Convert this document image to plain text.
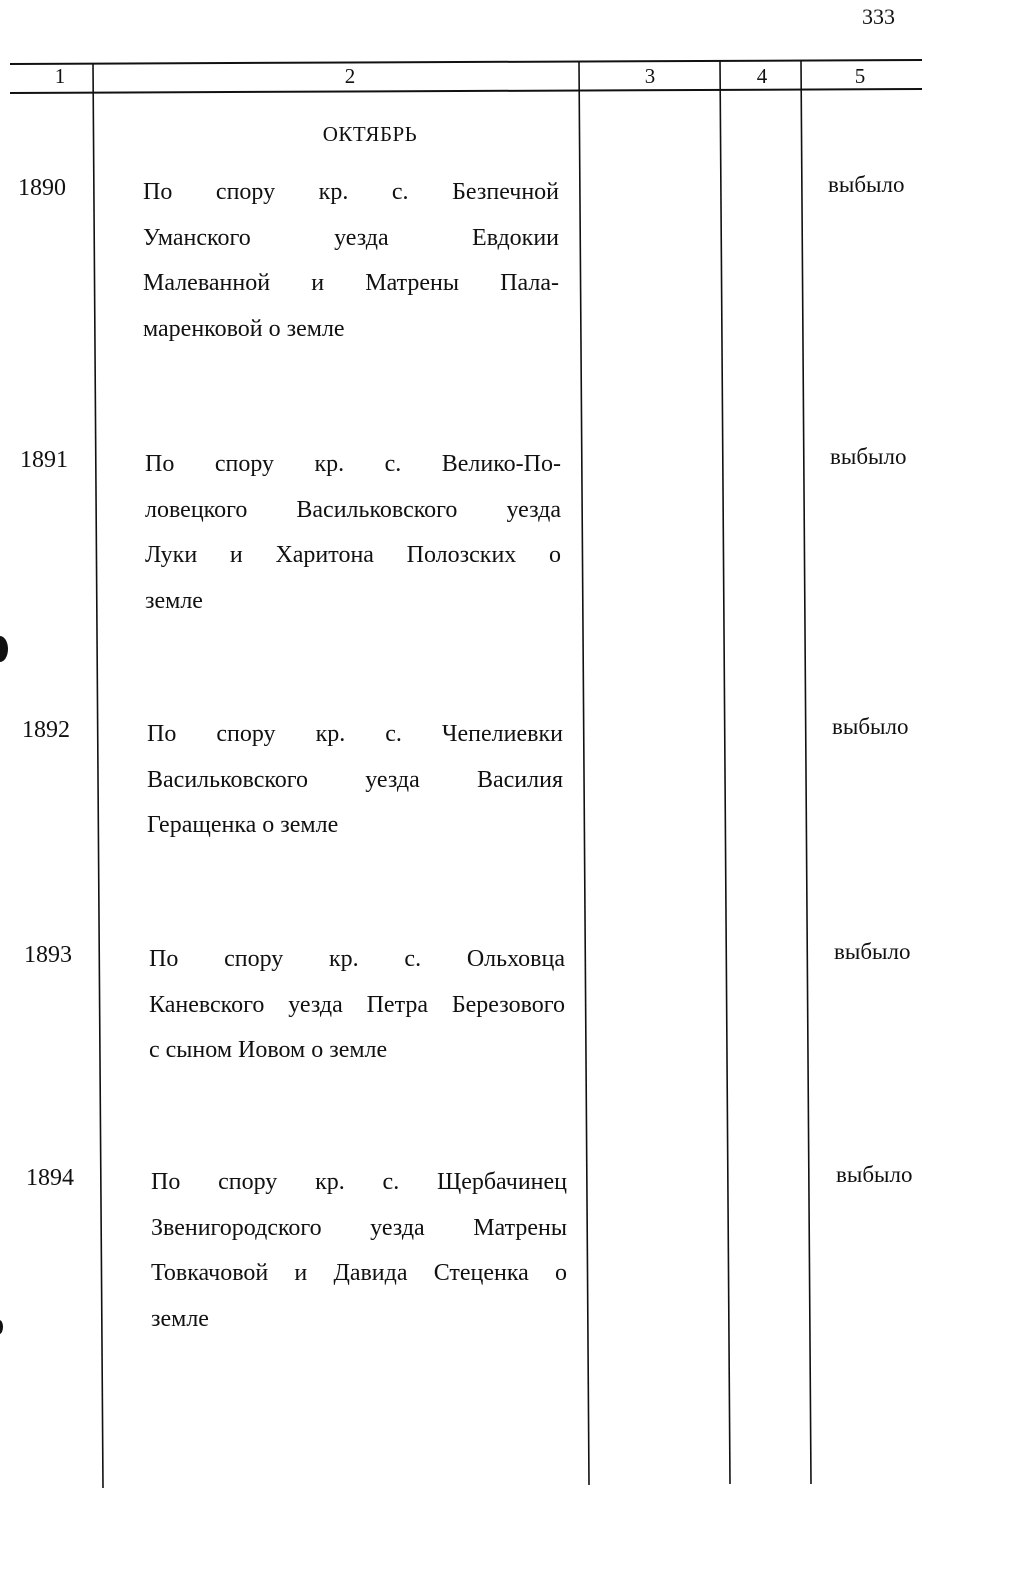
333
1	2	3	4	5
ОКТЯБРЬ
1890	По спору кр. с. Безпечной
Уманского уезда Евдокии
Малеванной и Матрены Пала-
маренковой о земле
выбыло
1891	По спору кр. с. Велико-По-
ловецкого Васильковского уезда
Луки и Харитона Полозских о
земле
выбыло
1892	По спору кр. с. Чепелиевки
Васильковского уезда Василия
Геращенка о земле
выбыло
1893	По спору кр. с. Ольховца
Каневского уезда Петра Березового
с сыном Иовом о земле
выбыло
1894	По спору кр. с. Щербачинец
Звенигородского уезда Матрены
Товкачовой и Давида Стеценка о
земле
выбыло
